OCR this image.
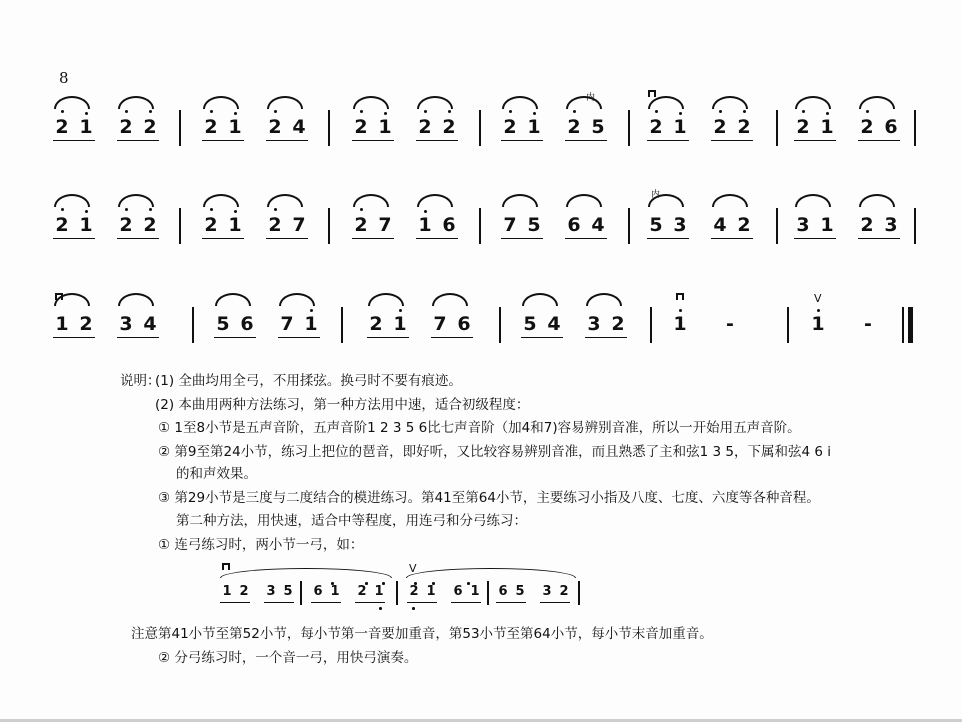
8
2 1 2 2	2 1 2 4	2 1 2 2	2 1 2 5 2 1 2 2 2 1 2 6
2 1 2 2	2 1 2 7	2 7 1 6	7 5 6 4 5 3 4 2 3 1 2 3
1 2 3 4	5 6 7 1	2 1 7 6	5 4 3 2	1	-	1	-
内
内
V
说明：
(1) 全曲均用全弓，不用揉弦。换弓时不要有痕迹。
(2) 本曲用两种方法练习，第一种方法用中速，适合初级程度：
① 1至8小节是五声音阶，五声音阶1 2 3 5 6比七声音阶（加4和7)容易辨别音准，所以一开始用五声音阶。
② 第9至第24小节，练习上把位的琶音，即好听，又比较容易辨别音准，而且熟悉了主和弦1 3 5，下属和弦4 6 i
的和声效果。
③ 第29小节是三度与二度结合的模进练习。第41至第64小节，主要练习小指及八度、七度、六度等各种音程。
第二种方法，用快速，适合中等程度，用连弓和分弓练习：
① 连弓练习时，两小节一弓，如：
1 2 3 5 6 1 2 1 2 1 6 1 6 5 3 2
V
注意第41小节至第52小节，每小节第一音要加重音，第53小节至第64小节，每小节末音加重音。
② 分弓练习时，一个音一弓，用快弓演奏。
